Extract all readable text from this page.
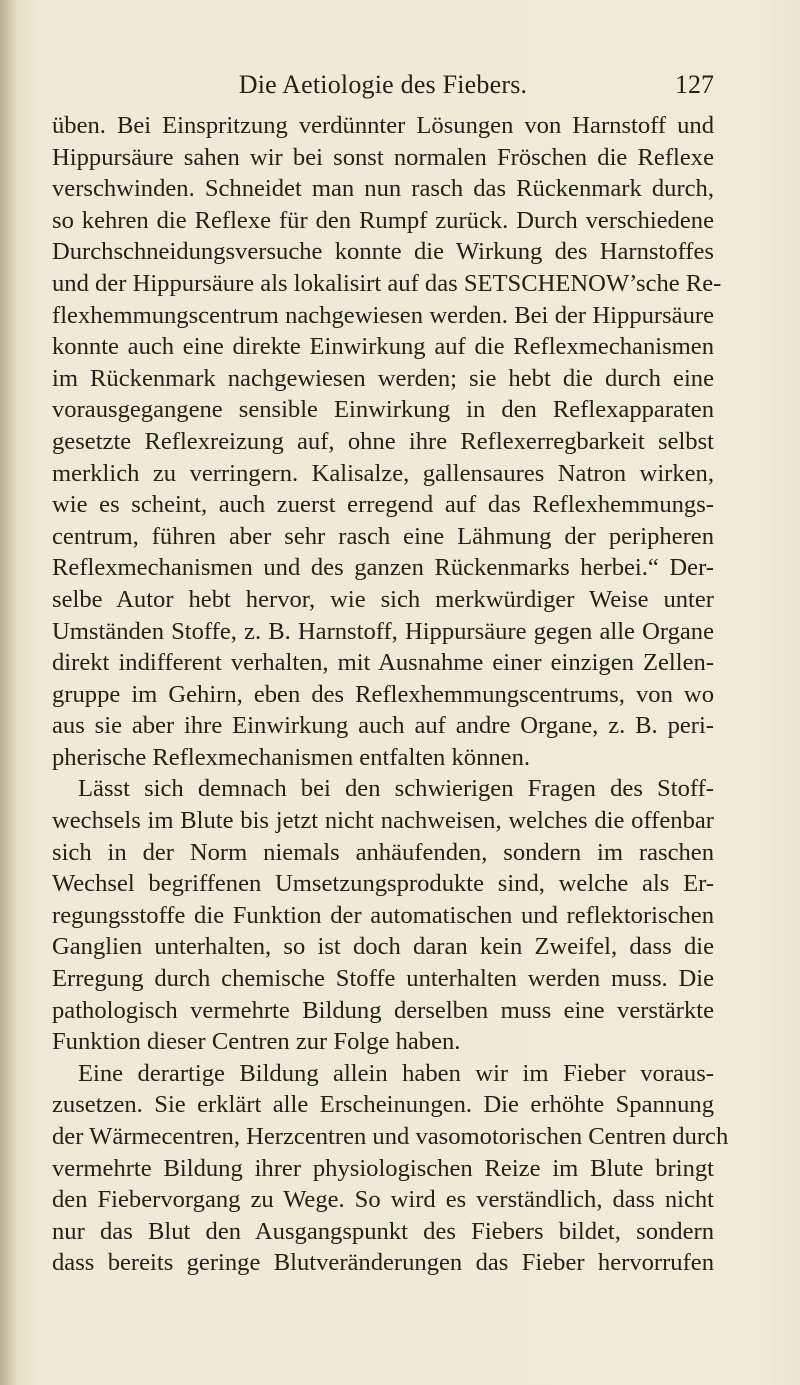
Die Aetiologie des Fiebers.	127
üben. Bei Einspritzung verdünnter Lösungen von Harnstoff und
Hippursäure sahen wir bei sonst normalen Fröschen die Reflexe
verschwinden. Schneidet man nun rasch das Rückenmark durch,
so kehren die Reflexe für den Rumpf zurück. Durch verschiedene
Durchschneidungsversuche konnte die Wirkung des Harnstoffes
und der Hippursäure als lokalisirt auf das SETSCHENOW’sche Re-
flexhemmungscentrum nachgewiesen werden. Bei der Hippursäure
konnte auch eine direkte Einwirkung auf die Reflexmechanismen
im Rückenmark nachgewiesen werden; sie hebt die durch eine
vorausgegangene sensible Einwirkung in den Reflexapparaten
gesetzte Reflexreizung auf, ohne ihre Reflexerregbarkeit selbst
merklich zu verringern. Kalisalze, gallensaures Natron wirken,
wie es scheint, auch zuerst erregend auf das Reflexhemmungs-
centrum, führen aber sehr rasch eine Lähmung der peripheren
Reflexmechanismen und des ganzen Rückenmarks herbei.“ Der-
selbe Autor hebt hervor, wie sich merkwürdiger Weise unter
Umständen Stoffe, z. B. Harnstoff, Hippursäure gegen alle Organe
direkt indifferent verhalten, mit Ausnahme einer einzigen Zellen-
gruppe im Gehirn, eben des Reflexhemmungscentrums, von wo
aus sie aber ihre Einwirkung auch auf andre Organe, z. B. peri-
pherische Reflexmechanismen entfalten können.
Lässt sich demnach bei den schwierigen Fragen des Stoff-
wechsels im Blute bis jetzt nicht nachweisen, welches die offenbar
sich in der Norm niemals anhäufenden, sondern im raschen
Wechsel begriffenen Umsetzungsprodukte sind, welche als Er-
regungsstoffe die Funktion der automatischen und reflektorischen
Ganglien unterhalten, so ist doch daran kein Zweifel, dass die
Erregung durch chemische Stoffe unterhalten werden muss. Die
pathologisch vermehrte Bildung derselben muss eine verstärkte
Funktion dieser Centren zur Folge haben.
Eine derartige Bildung allein haben wir im Fieber voraus-
zusetzen. Sie erklärt alle Erscheinungen. Die erhöhte Spannung
der Wärmecentren, Herzcentren und vasomotorischen Centren durch
vermehrte Bildung ihrer physiologischen Reize im Blute bringt
den Fiebervorgang zu Wege. So wird es verständlich, dass nicht
nur das Blut den Ausgangspunkt des Fiebers bildet, sondern
dass bereits geringe Blutveränderungen das Fieber hervorrufen
